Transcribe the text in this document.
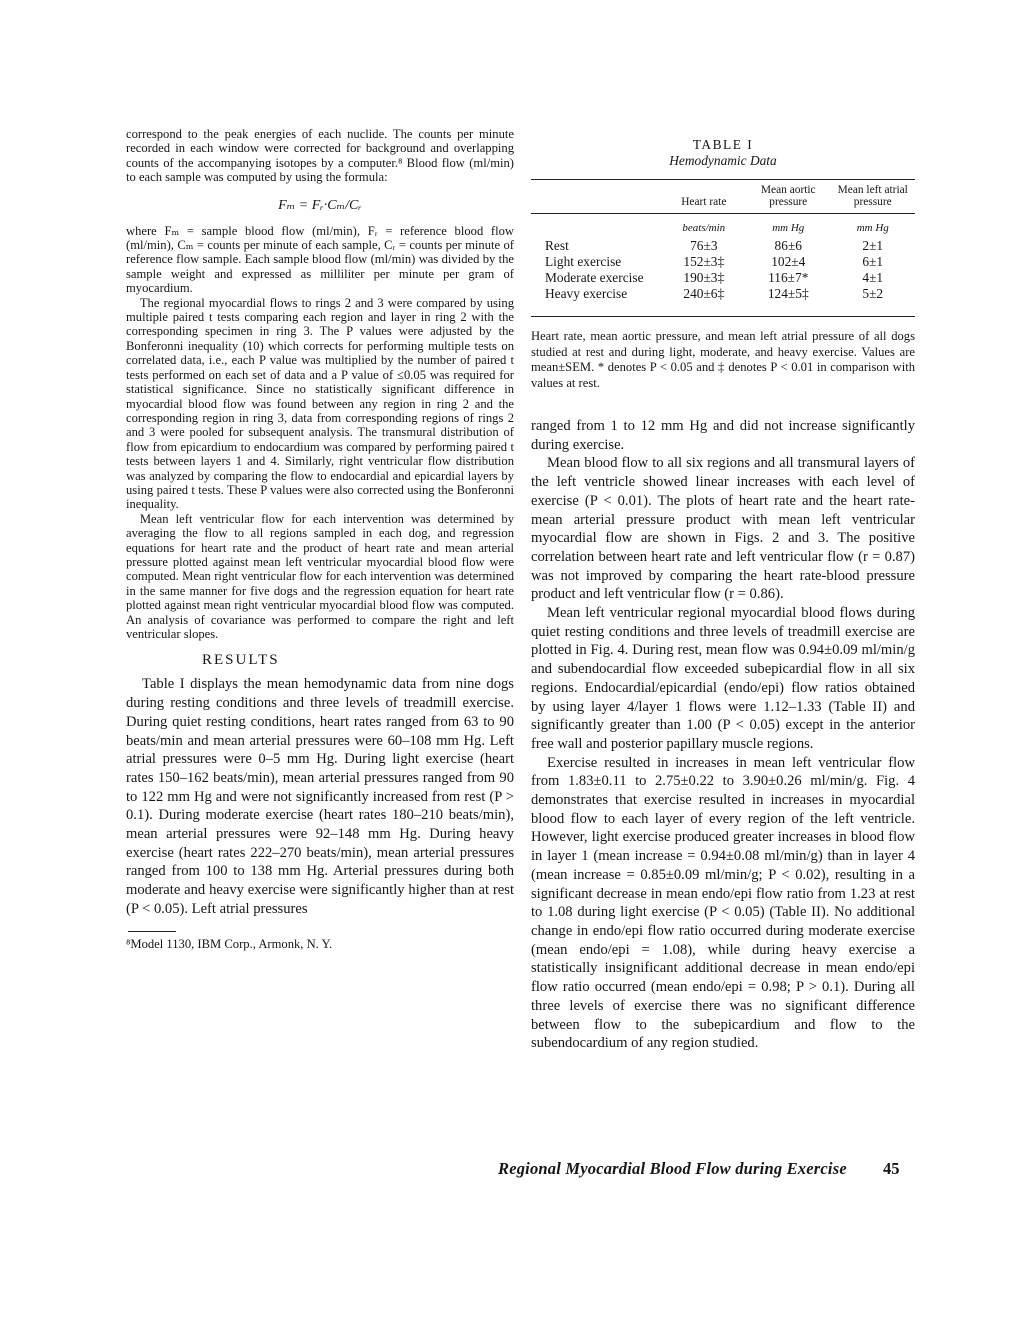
correspond to the peak energies of each nuclide. The counts per minute recorded in each window were corrected for background and overlapping counts of the accompanying isotopes by a computer.⁸ Blood flow (ml/min) to each sample was computed by using the formula:

Fₘ = Fᵣ·Cₘ/Cᵣ

where Fₘ = sample blood flow (ml/min), Fᵣ = reference blood flow (ml/min), Cₘ = counts per minute of each sample, Cᵣ = counts per minute of reference flow sample. Each sample blood flow (ml/min) was divided by the sample weight and expressed as milliliter per minute per gram of myocardium.

The regional myocardial flows to rings 2 and 3 were compared by using multiple paired t tests comparing each region and layer in ring 2 with the corresponding specimen in ring 3. The P values were adjusted by the Bonferonni inequality (10) which corrects for performing multiple tests on correlated data, i.e., each P value was multiplied by the number of paired t tests performed on each set of data and a P value of ≤0.05 was required for statistical significance. Since no statistically significant difference in myocardial blood flow was found between any region in ring 2 and the corresponding region in ring 3, data from corresponding regions of rings 2 and 3 were pooled for subsequent analysis. The transmural distribution of flow from epicardium to endocardium was compared by performing paired t tests between layers 1 and 4. Similarly, right ventricular flow distribution was analyzed by comparing the flow to endocardial and epicardial layers by using paired t tests. These P values were also corrected using the Bonferonni inequality.

Mean left ventricular flow for each intervention was determined by averaging the flow to all regions sampled in each dog, and regression equations for heart rate and the product of heart rate and mean arterial pressure plotted against mean left ventricular myocardial blood flow were computed. Mean right ventricular flow for each intervention was determined in the same manner for five dogs and the regression equation for heart rate plotted against mean right ventricular myocardial blood flow was computed. An analysis of covariance was performed to compare the right and left ventricular slopes.

RESULTS

Table I displays the mean hemodynamic data from nine dogs during resting conditions and three levels of treadmill exercise. During quiet resting conditions, heart rates ranged from 63 to 90 beats/min and mean arterial pressures were 60–108 mm Hg. Left atrial pressures were 0–5 mm Hg. During light exercise (heart rates 150–162 beats/min), mean arterial pressures ranged from 90 to 122 mm Hg and were not significantly increased from rest (P > 0.1). During moderate exercise (heart rates 180–210 beats/min), mean arterial pressures were 92–148 mm Hg. During heavy exercise (heart rates 222–270 beats/min), mean arterial pressures ranged from 100 to 138 mm Hg. Arterial pressures during both moderate and heavy exercise were significantly higher than at rest (P < 0.05). Left atrial pressures

⁸Model 1130, IBM Corp., Armonk, N. Y.
TABLE I
Hemodynamic Data
	Heart rate	Mean aortic pressure	Mean left atrial pressure

	beats/min	mm Hg	mm Hg
Rest	76±3	86±6	2±1
Light exercise	152±3‡	102±4	6±1
Moderate exercise	190±3‡	116±7*	4±1
Heavy exercise	240±6‡	124±5‡	5±2
Heart rate, mean aortic pressure, and mean left atrial pressure of all dogs studied at rest and during light, moderate, and heavy exercise. Values are mean±SEM. * denotes P < 0.05 and ‡ denotes P < 0.01 in comparison with values at rest.

ranged from 1 to 12 mm Hg and did not increase significantly during exercise.

Mean blood flow to all six regions and all transmural layers of the left ventricle showed linear increases with each level of exercise (P < 0.01). The plots of heart rate and the heart rate-mean arterial pressure product with mean left ventricular myocardial flow are shown in Figs. 2 and 3. The positive correlation between heart rate and left ventricular flow (r = 0.87) was not improved by comparing the heart rate-blood pressure product and left ventricular flow (r = 0.86).

Mean left ventricular regional myocardial blood flows during quiet resting conditions and three levels of treadmill exercise are plotted in Fig. 4. During rest, mean flow was 0.94±0.09 ml/min/g and subendocardial flow exceeded subepicardial flow in all six regions. Endocardial/epicardial (endo/epi) flow ratios obtained by using layer 4/layer 1 flows were 1.12–1.33 (Table II) and significantly greater than 1.00 (P < 0.05) except in the anterior free wall and posterior papillary muscle regions.

Exercise resulted in increases in mean left ventricular flow from 1.83±0.11 to 2.75±0.22 to 3.90±0.26 ml/min/g. Fig. 4 demonstrates that exercise resulted in increases in myocardial blood flow to each layer of every region of the left ventricle. However, light exercise produced greater increases in blood flow in layer 1 (mean increase = 0.94±0.08 ml/min/g) than in layer 4 (mean increase = 0.85±0.09 ml/min/g; P < 0.02), resulting in a significant decrease in mean endo/epi flow ratio from 1.23 at rest to 1.08 during light exercise (P < 0.05) (Table II). No additional change in endo/epi flow ratio occurred during moderate exercise (mean endo/epi = 1.08), while during heavy exercise a statistically insignificant additional decrease in mean endo/epi flow ratio occurred (mean endo/epi = 0.98; P > 0.1). During all three levels of exercise there was no significant difference between flow to the subepicardium and flow to the subendocardium of any region studied.

Regional Myocardial Blood Flow during Exercise 45
